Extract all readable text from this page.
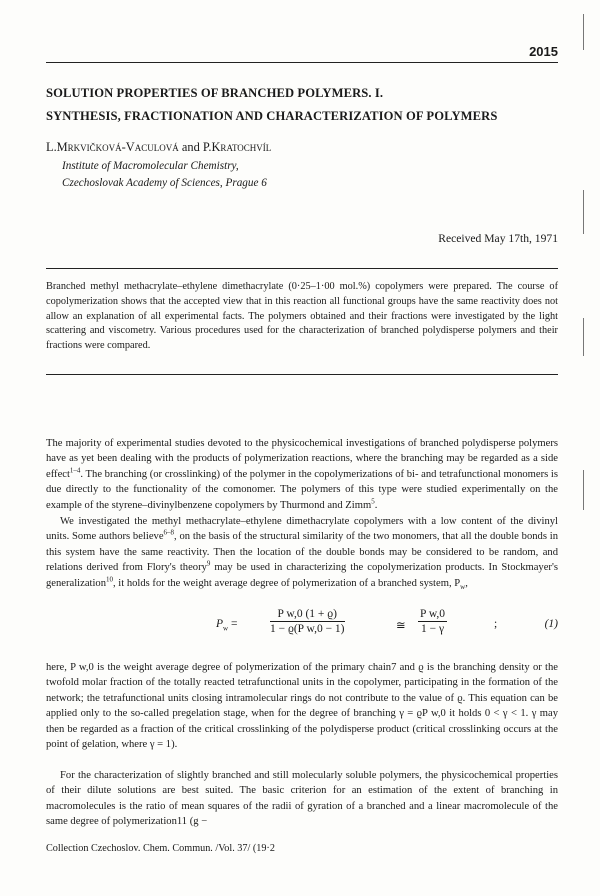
2015
SOLUTION PROPERTIES OF BRANCHED POLYMERS. I.
SYNTHESIS, FRACTIONATION AND CHARACTERIZATION OF POLYMERS
L.Mrkvičková-Vaculová and P.Kratochvíl
Institute of Macromolecular Chemistry,
Czechoslovak Academy of Sciences, Prague 6
Received May 17th, 1971
Branched methyl methacrylate–ethylene dimethacrylate (0·25–1·00 mol.%) copolymers were prepared. The course of copolymerization shows that the accepted view that in this reaction all functional groups have the same reactivity does not allow an explanation of all experimental facts. The polymers obtained and their fractions were investigated by the light scattering and viscometry. Various procedures used for the characterization of branched polydisperse polymers and their fractions were compared.

The majority of experimental studies devoted to the physicochemical investigations of branched polydisperse polymers have as yet been dealing with the products of polymerization reactions, where the branching may be regarded as a side effect$^{1-4}$. The branching (or crosslinking) of the polymer in the copolymerizations of bi- and tetrafunctional monomers is due directly to the functionality of the comonomer. The polymers of this type were studied experimentally on the example of the styrene–divinylbenzene copolymers by Thurmond and Zimm$^5$.

We investigated the methyl methacrylate–ethylene dimethacrylate copolymers with a low content of the divinyl units. Some authors believe$^{6-8}$, on the basis of the structural similarity of the two monomers, that all the double bonds in this system have the same reactivity. Then the location of the double bonds may be considered to be random, and relations derived from Flory's theory$^9$ may be used in characterizing the copolymerization products. In Stockmayer's generalization$^{10}$, it holds for the weight average degree of polymerization of a branched system, $P_w$,

$P_w$ =	$\frac{\text{P w,0 (1 + ϱ)}}{\text{1 − ϱ(P w,0 − 1)}}$	≅ $\frac{\text{P w,0}}{1 - \gamma}$	;	(1)

here, P w,0 is the weight average degree of polymerization of the primary chain7 and ϱ is the branching density or the twofold molar fraction of the totally reacted tetrafunctional units in the copolymer, participating in the formation of the network; the tetrafunctional units closing intramolecular rings do not contribute to the value of ϱ. This equation can be applied only to the so-called pregelation stage, when for the degree of branching γ = ϱP w,0 it holds 0 < γ < 1. γ may then be regarded as a fraction of the critical crosslinking of the polydisperse product (critical crosslinking occurs at the point of gelation, where γ = 1).

For the characterization of slightly branched and still molecularly soluble polymers, the physicochemical properties of their dilute solutions are best suited. The basic criterion for an estimation of the extent of branching in macromolecules is the ratio of mean squares of the radii of gyration of a branched and a linear macromolecule of the same degree of polymerization11 (g −

Collection Czechoslov. Chem. Commun. /Vol. 37/ (19·2
